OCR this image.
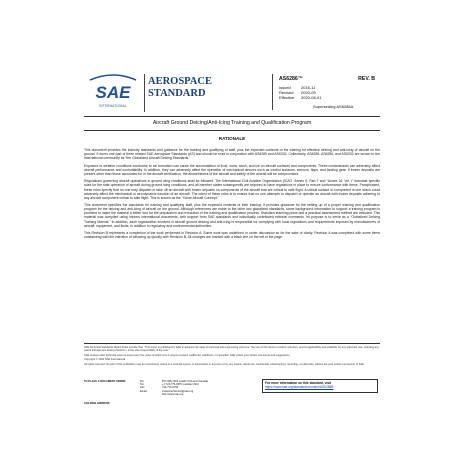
SAE
INTERNATIONAL
AEROSPACE
STANDARD
AS6286™	REV. B
Issued	2016-11
Revised	2020-05
Effective	2020-08-01
Superseding AS6286A
Aircraft Ground Deicing/Anti-Icing Training and Qualification Program
RATIONALE

This document provides the industry standards and guidance for the training and qualifying of staff, plus the expected contents of the training for effective deicing and anti-icing of aircraft on the ground. It forms one part of three related SAE Aerospace Standards (AS) and should be read in conjunction with AS6285 and AS6332. Collectively, AS6285, AS6286, and AS6332 are known to the international community as “the Globalized Aircraft Deicing Standards.”

Exposure to weather conditions conducive to ice formation can cause the accumulation of frost, snow, slush, and ice on aircraft surfaces and components. These contaminants can adversely affect aircraft performance and controllability. In addition, they can adversely affect the operation of mechanical devices such as control surfaces, sensors, flaps, and landing gear. If frozen deposits are present other than those accounted for in the aircraft certification, the airworthiness of the aircraft and safety of the aircraft will be compromised.

Regulations governing aircraft operations in ground icing conditions shall be followed. The International Civil Aviation Organization (ICAO “Annex 6, Part I” and “Annex 16, Vol. I” mandate specific rules for the safe operation of aircraft during ground icing conditions, and all member states subsequently are required to have regulations in place to ensure conformance with these. Paraphrased, these rules specify that no one may dispatch or take off an aircraft with frozen deposits on components of the aircraft that are critical to safe flight. A critical surface or component is one which could adversely affect the mechanical or aerodynamic function of an aircraft. The intent of these rules is to ensure that no one attempts to dispatch or operate an aircraft with frozen deposits adhering to any aircraft component critical to safe flight. This is known as the “Clean Aircraft Concept.”

This document specifies the standards for training and qualifying staff, plus the expected contents of their training. It provides guidance for the setting up of a proper training and qualification program for the deicing and anti-icing of aircraft on the ground. Although references are made to the other two globalized standards, some background information to support a training program is provided to make the material a better tool for the preparation and execution of the training and qualification process. Standard teaching plans and a practical assessment method are included. This material was compiled using various international documents, with support from SAE standards and individually contributed editorial comments. Its purpose is to serve as a “Globalized Deicing Training Manual.” In addition, each organization involved in aircraft ground deicing and anti-icing is responsible for complying with local regulations and requirements imposed by manufacturers of aircraft, equipment, and fluids, in addition to regulatory and environmental authorities.

This Revision B represents a completion of the work performed in Revision A. Some work was undefined or under discussion so for the sake of clarity, Revision A was completed with some items outstanding with the intention of following up quickly with Revision B. All changes are marked with a black line on the left of the page.

SAE Technical Standards Board Rules provide that: “This report is published by SAE to advance the state of technical and engineering sciences. The use of this report is entirely voluntary, and its applicability and suitability for any particular use, including any patent infringement arising therefrom, is the sole responsibility of the user.”

SAE reviews each technical report at least every five years at which time it may be revised, reaffirmed, stabilized, or cancelled. SAE invites your written comments and suggestions.

Copyright © 2020 SAE International

All rights reserved. No part of this publication may be reproduced, stored in a retrieval system or transmitted, in any form or by any means, electronic, mechanical, photocopying, recording, or otherwise, without the prior written permission of SAE.

TO PLACE A DOCUMENT ORDER:	Tel:	877-606-7323 (inside USA and Canada)
Tel:	+1 724-776-4970 (outside USA)
Fax:	724-776-0790
Email:	CustomerService@sae.org
http://www.sae.org
SAE WEB ADDRESS:
For more information on this standard, visit
https://www.sae.org/standards/content/AS6286B
